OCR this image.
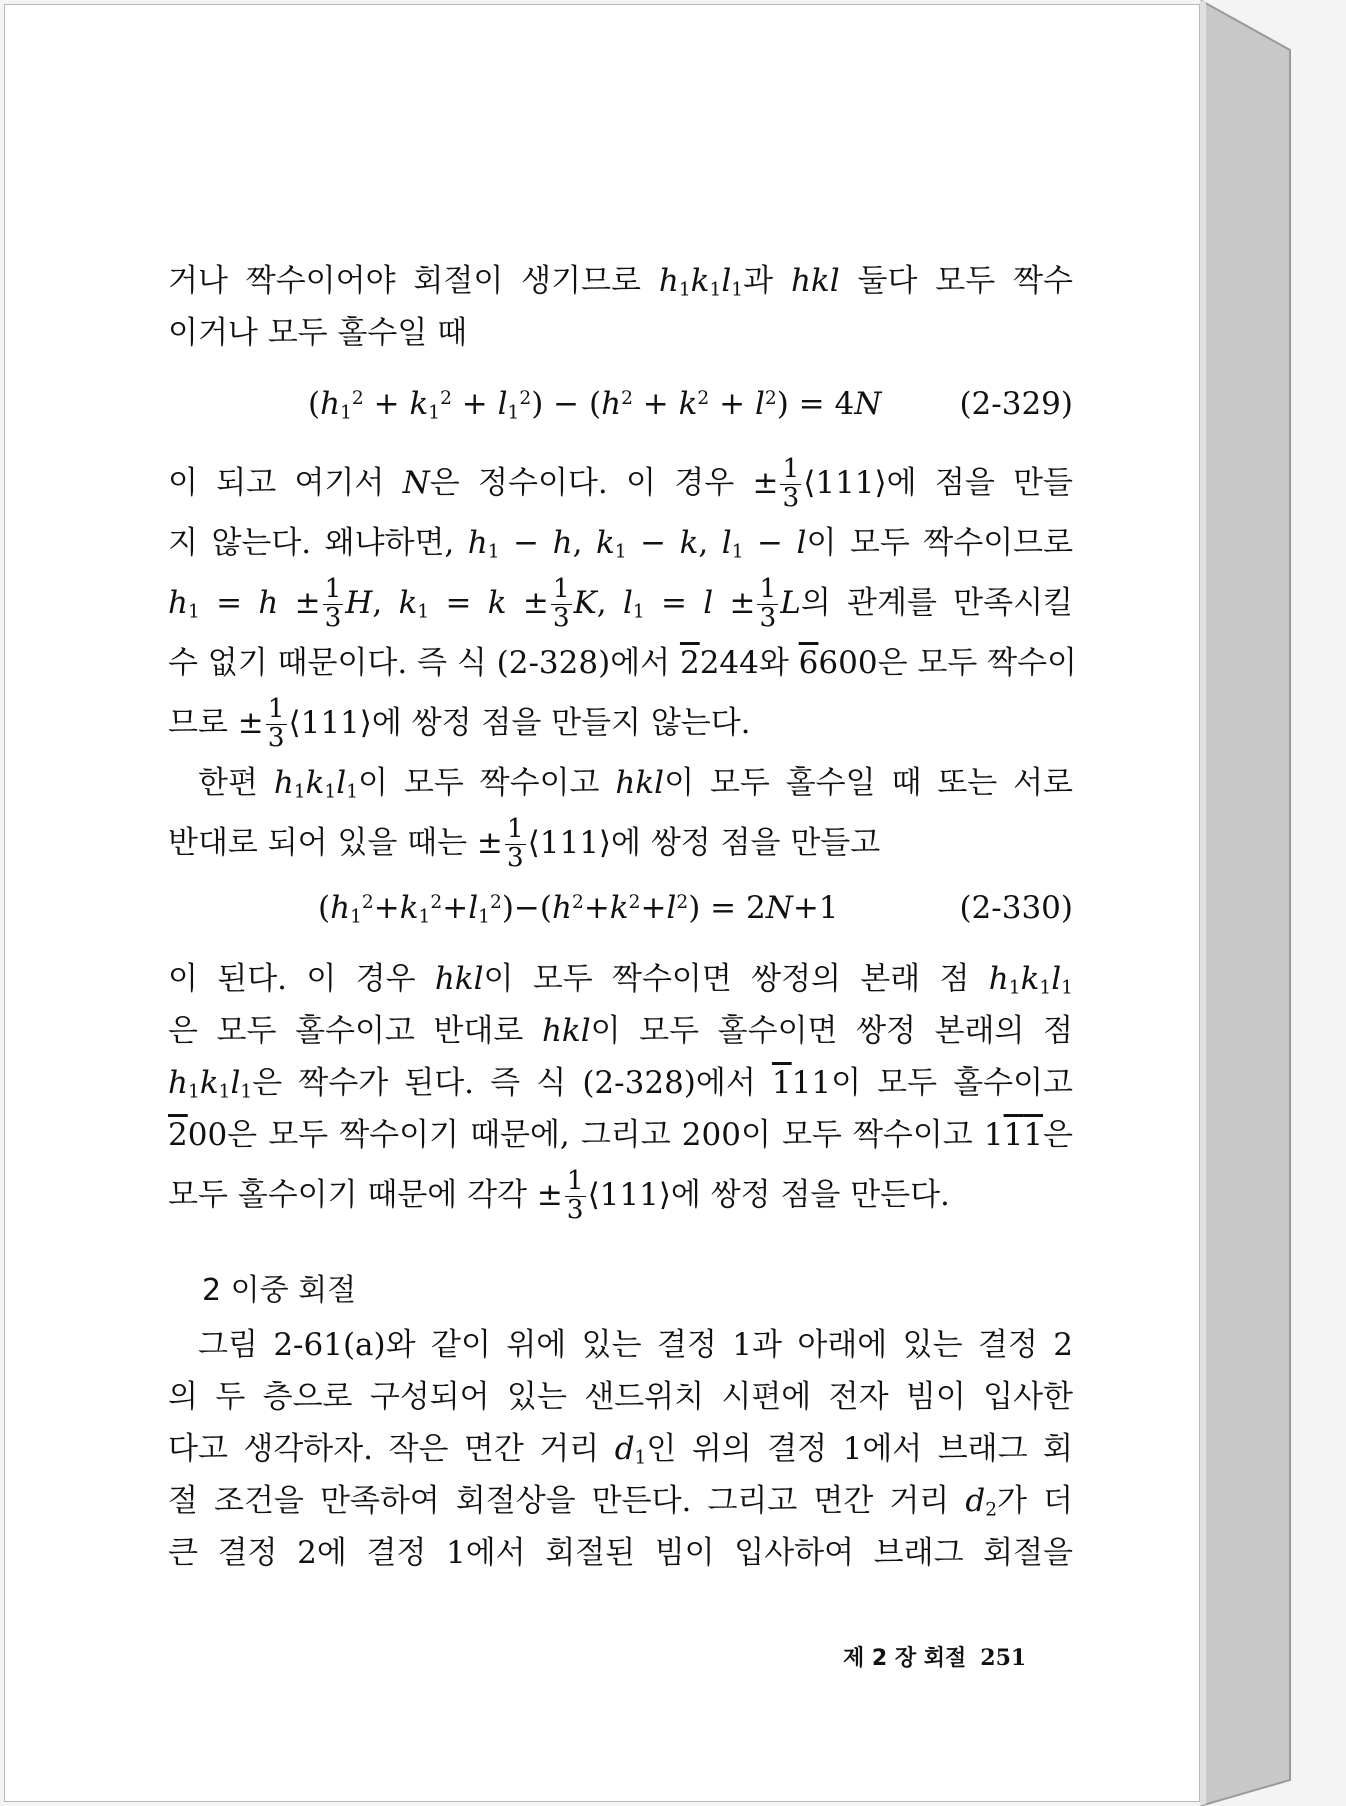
거나 짝수이어야 회절이 생기므로 $h_1k_1l_1$과 hkl 둘다 모두 짝수
이거나 모두 홀수일 때
$(h_1^2 + k_1^2 + l_1^2) - (h^2 + k^2 + l^2) = 4N$	(2-329)
이 되고 여기서 N은 정수이다. 이 경우 ± $\frac{1}{3}$ ⟨111⟩에 점을 만들
지 않는다. 왜냐하면, $h_1 - h$, $k_1 - k$, $l_1 - l$이 모두 짝수이므로
$h_1 = h \pm \frac{1}{3} H$, $k_1 = k \pm \frac{1}{3} K$, $l_1 = l \pm \frac{1}{3}$ L의 관계를 만족시킬
수 없기 때문이다. 즉 식 (2-328)에서 2244와 6600은 모두 짝수이
므로 ± $\frac{1}{3}$ ⟨111⟩에 쌍정 점을 만들지 않는다.
한편 $h_1k_1l_1$이 모두 짝수이고 hkl이 모두 홀수일 때 또는 서로
반대로 되어 있을 때는 ± $\frac{1}{3}$ ⟨111⟩에 쌍정 점을 만들고
$(h_1^2+k_1^2+l_1^2)-(h^2+k^2+l^2) = 2N+1$	(2-330)
이 된다. 이 경우 hkl이 모두 짝수이면 쌍정의 본래 점 $h_1k_1l_1$
은 모두 홀수이고 반대로 hkl이 모두 홀수이면 쌍정 본래의 점
$h_1k_1l_1$은 짝수가 된다. 즉 식 (2-328)에서 111이 모두 홀수이고
200은 모두 짝수이기 때문에, 그리고 200이 모두 짝수이고 111은
모두 홀수이기 때문에 각각 ± $\frac{1}{3}$ ⟨111⟩에 쌍정 점을 만든다.
2 이중 회절
그림 2-61(a)와 같이 위에 있는 결정 1과 아래에 있는 결정 2
의 두 층으로 구성되어 있는 샌드위치 시편에 전자 빔이 입사한
다고 생각하자. 작은 면간 거리 $d_1$인 위의 결정 1에서 브래그 회
절 조건을 만족하여 회절상을 만든다. 그리고 면간 거리 $d_2$가 더
큰 결정 2에 결정 1에서 회절된 빔이 입사하여 브래그 회절을
제 2 장 회절 251
